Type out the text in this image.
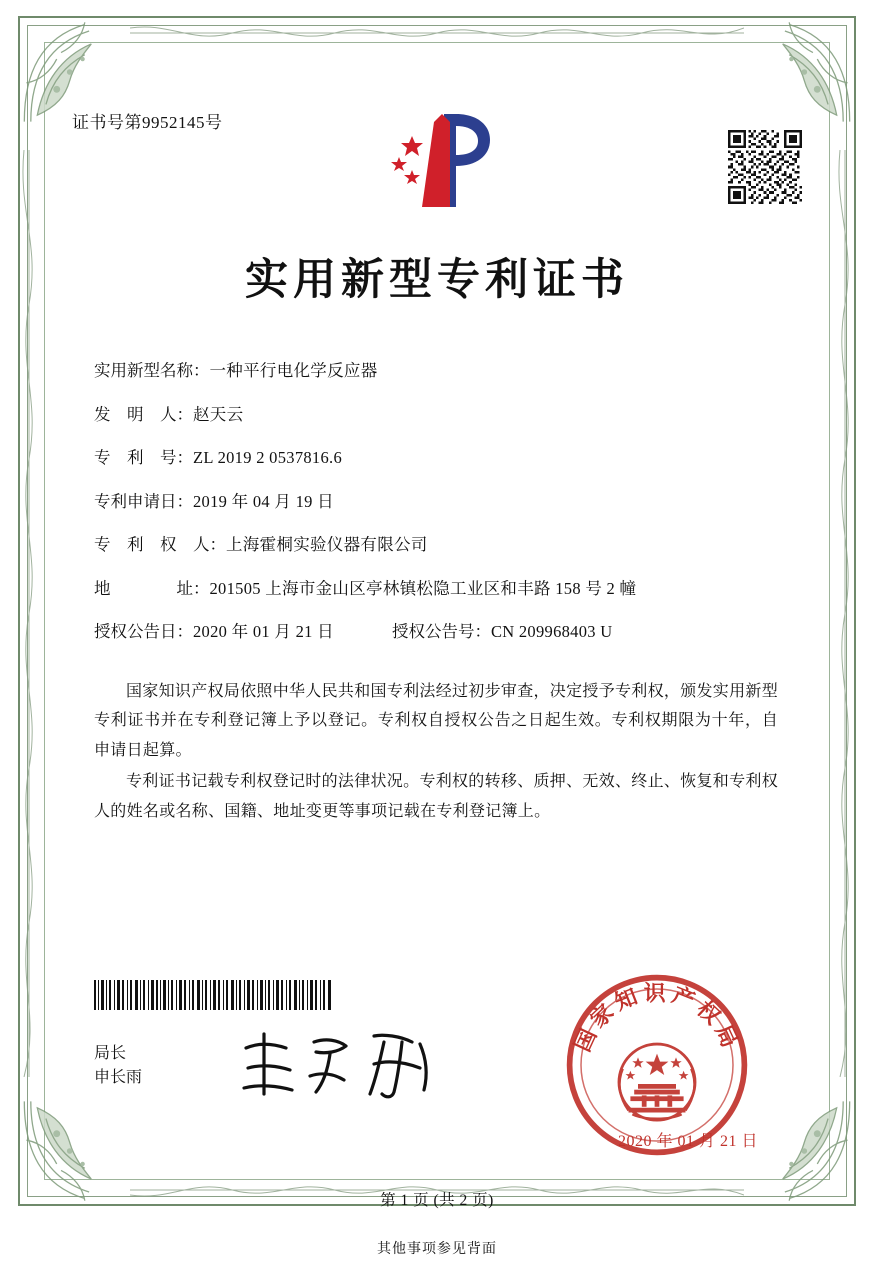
证书号第9952145号
实用新型专利证书
实用新型名称：一种平行电化学反应器
发　明　人：赵天云
专　利　号：ZL 2019 2 0537816.6
专利申请日：2019 年 04 月 19 日
专　利　权　人：上海霍桐实验仪器有限公司
地　　　　址：201505 上海市金山区亭林镇松隐工业区和丰路 158 号 2 幢
授权公告日：2020 年 01 月 21 日	授权公告号：CN 209968403 U

国家知识产权局依照中华人民共和国专利法经过初步审查，决定授予专利权，颁发实用新型专利证书并在专利登记簿上予以登记。专利权自授权公告之日起生效。专利权期限为十年，自申请日起算。

专利证书记载专利权登记时的法律状况。专利权的转移、质押、无效、终止、恢复和专利权人的姓名或名称、国籍、地址变更等事项记载在专利登记簿上。

局长
申长雨
国家知识产权局
2020 年 01 月 21 日
第 1 页 (共 2 页)
其他事项参见背面
